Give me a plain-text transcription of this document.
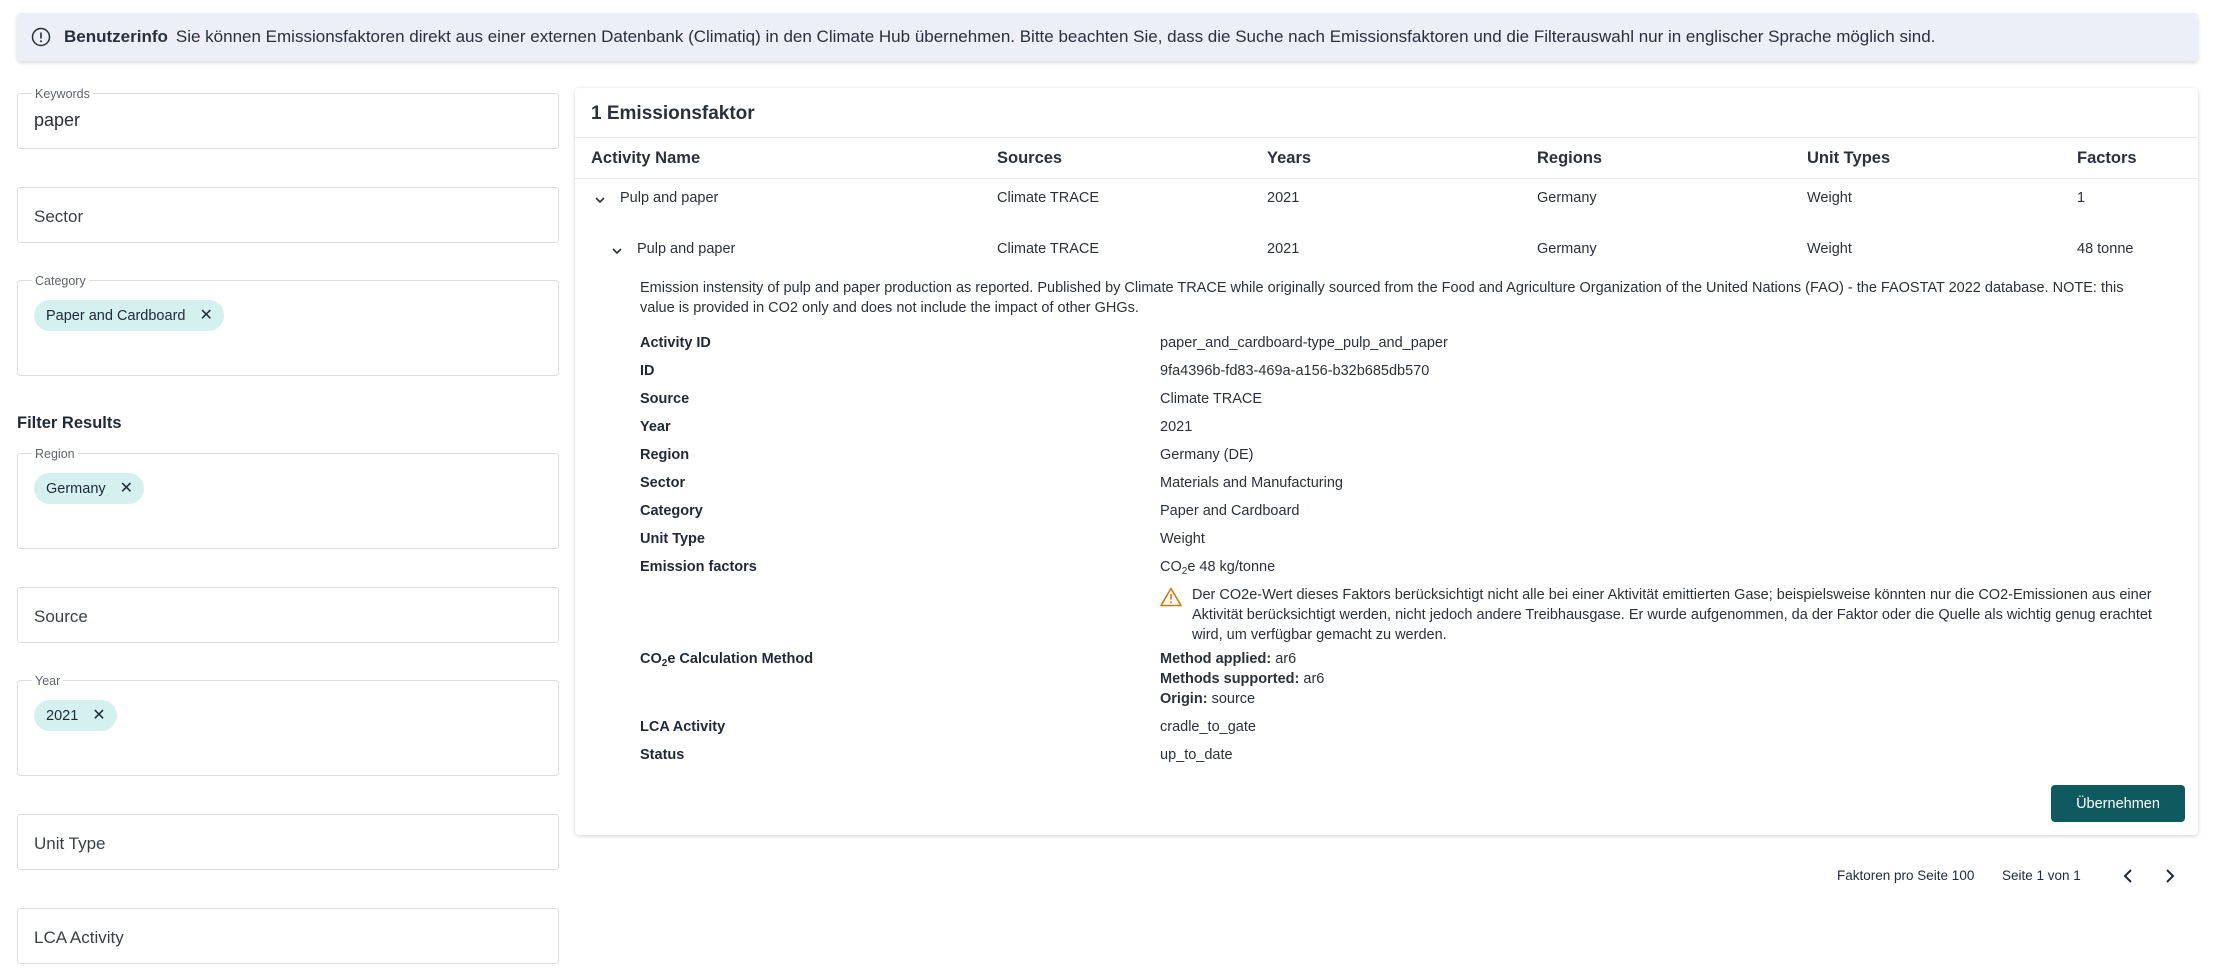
Benutzerinfo Sie können Emissionsfaktoren direkt aus einer externen Datenbank (Climatiq) in den Climate Hub übernehmen. Bitte beachten Sie, dass die Suche nach Emissionsfaktoren und die Filterauswahl nur in englischer Sprache möglich sind.
Keywords
paper
Sector
Category
Paper and Cardboard ✕
Filter Results
Region
Germany ✕
Source
Year
2021 ✕
Unit Type
LCA Activity
1 Emissionsfaktor
Activity Name	Sources	Years	Regions	Unit Types	Factors
Pulp and paper	Climate TRACE	2021	Germany	Weight	1
Pulp and paper	Climate TRACE	2021	Germany	Weight	48 tonne
Emission instensity of pulp and paper production as reported. Published by Climate TRACE while originally sourced from the Food and Agriculture Organization of the United Nations (FAO) - the FAOSTAT 2022 database. NOTE: this value is provided in CO2 only and does not include the impact of other GHGs.
Activity ID	paper_and_cardboard-type_pulp_and_paper
ID	9fa4396b-fd83-469a-a156-b32b685db570
Source	Climate TRACE
Year	2021
Region	Germany (DE)
Sector	Materials and Manufacturing
Category	Paper and Cardboard
Unit Type	Weight
Emission factors	$CO_2e$ 48 kg/tonne
Der CO2e-Wert dieses Faktors berücksichtigt nicht alle bei einer Aktivität emittierten Gase; beispielsweise könnten nur die CO2-Emissionen aus einer Aktivität berücksichtigt werden, nicht jedoch andere Treibhausgase. Er wurde aufgenommen, da der Faktor oder die Quelle als wichtig genug erachtet wird, um verfügbar gemacht zu werden.
$CO_2e$ Calculation Method	Method applied: ar6
Methods supported: ar6
Origin: source
LCA Activity	cradle_to_gate
Status	up_to_date
Übernehmen
Faktoren pro Seite 100 Seite 1 von 1
